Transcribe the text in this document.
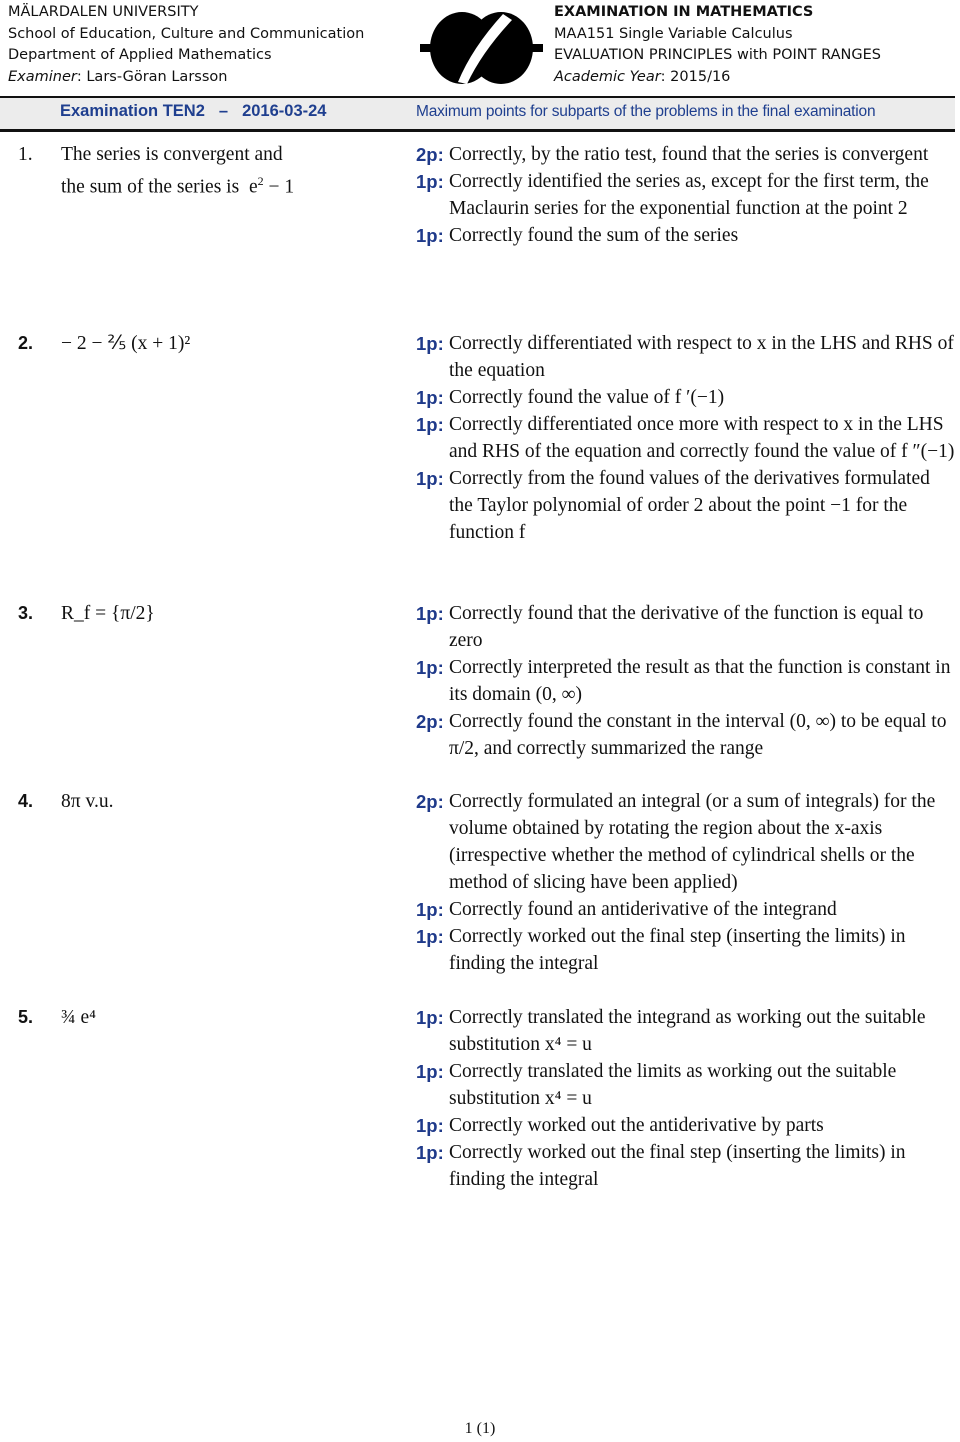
MÄLARDALEN UNIVERSITY
School of Education, Culture and Communication
Department of Applied Mathematics
Examiner: Lars-Göran Larsson
EXAMINATION IN MATHEMATICS
MAA151 Single Variable Calculus
EVALUATION PRINCIPLES with POINT RANGES
Academic Year: 2015/16
Examination TEN2 – 2016-03-24	Maximum points for subparts of the problems in the final examination
1. The series is convergent and
the sum of the series is $e^2 - 1$
2p: Correctly, by the ratio test, found that the series is convergent
1p: Correctly identified the series as, except for the first term, the Maclaurin series for the exponential function at the point 2
1p: Correctly found the sum of the series
2. − 2 − ⅖ (x + 1)²	1p: Correctly differentiated with respect to x in the LHS and RHS of the equation
1p: Correctly found the value of f ′(−1)
1p: Correctly differentiated once more with respect to x in the LHS and RHS of the equation and correctly found the value of f ″(−1)
1p: Correctly from the found values of the derivatives formulated the Taylor polynomial of order 2 about the point −1 for the function f
3. R_f = {π/2}	1p: Correctly found that the derivative of the function is equal to zero
1p: Correctly interpreted the result as that the function is constant in its domain (0, ∞)
2p: Correctly found the constant in the interval (0, ∞) to be equal to π/2, and correctly summarized the range
4. 8π v.u.	2p: Correctly formulated an integral (or a sum of integrals) for the volume obtained by rotating the region about the x-axis (irrespective whether the method of cylindrical shells or the method of slicing have been applied)
1p: Correctly found an antiderivative of the integrand
1p: Correctly worked out the final step (inserting the limits) in finding the integral
5. ¾ e⁴	1p: Correctly translated the integrand as working out the suitable substitution x⁴ = u
1p: Correctly translated the limits as working out the suitable substitution x⁴ = u
1p: Correctly worked out the antiderivative by parts
1p: Correctly worked out the final step (inserting the limits) in finding the integral
1 (1)
